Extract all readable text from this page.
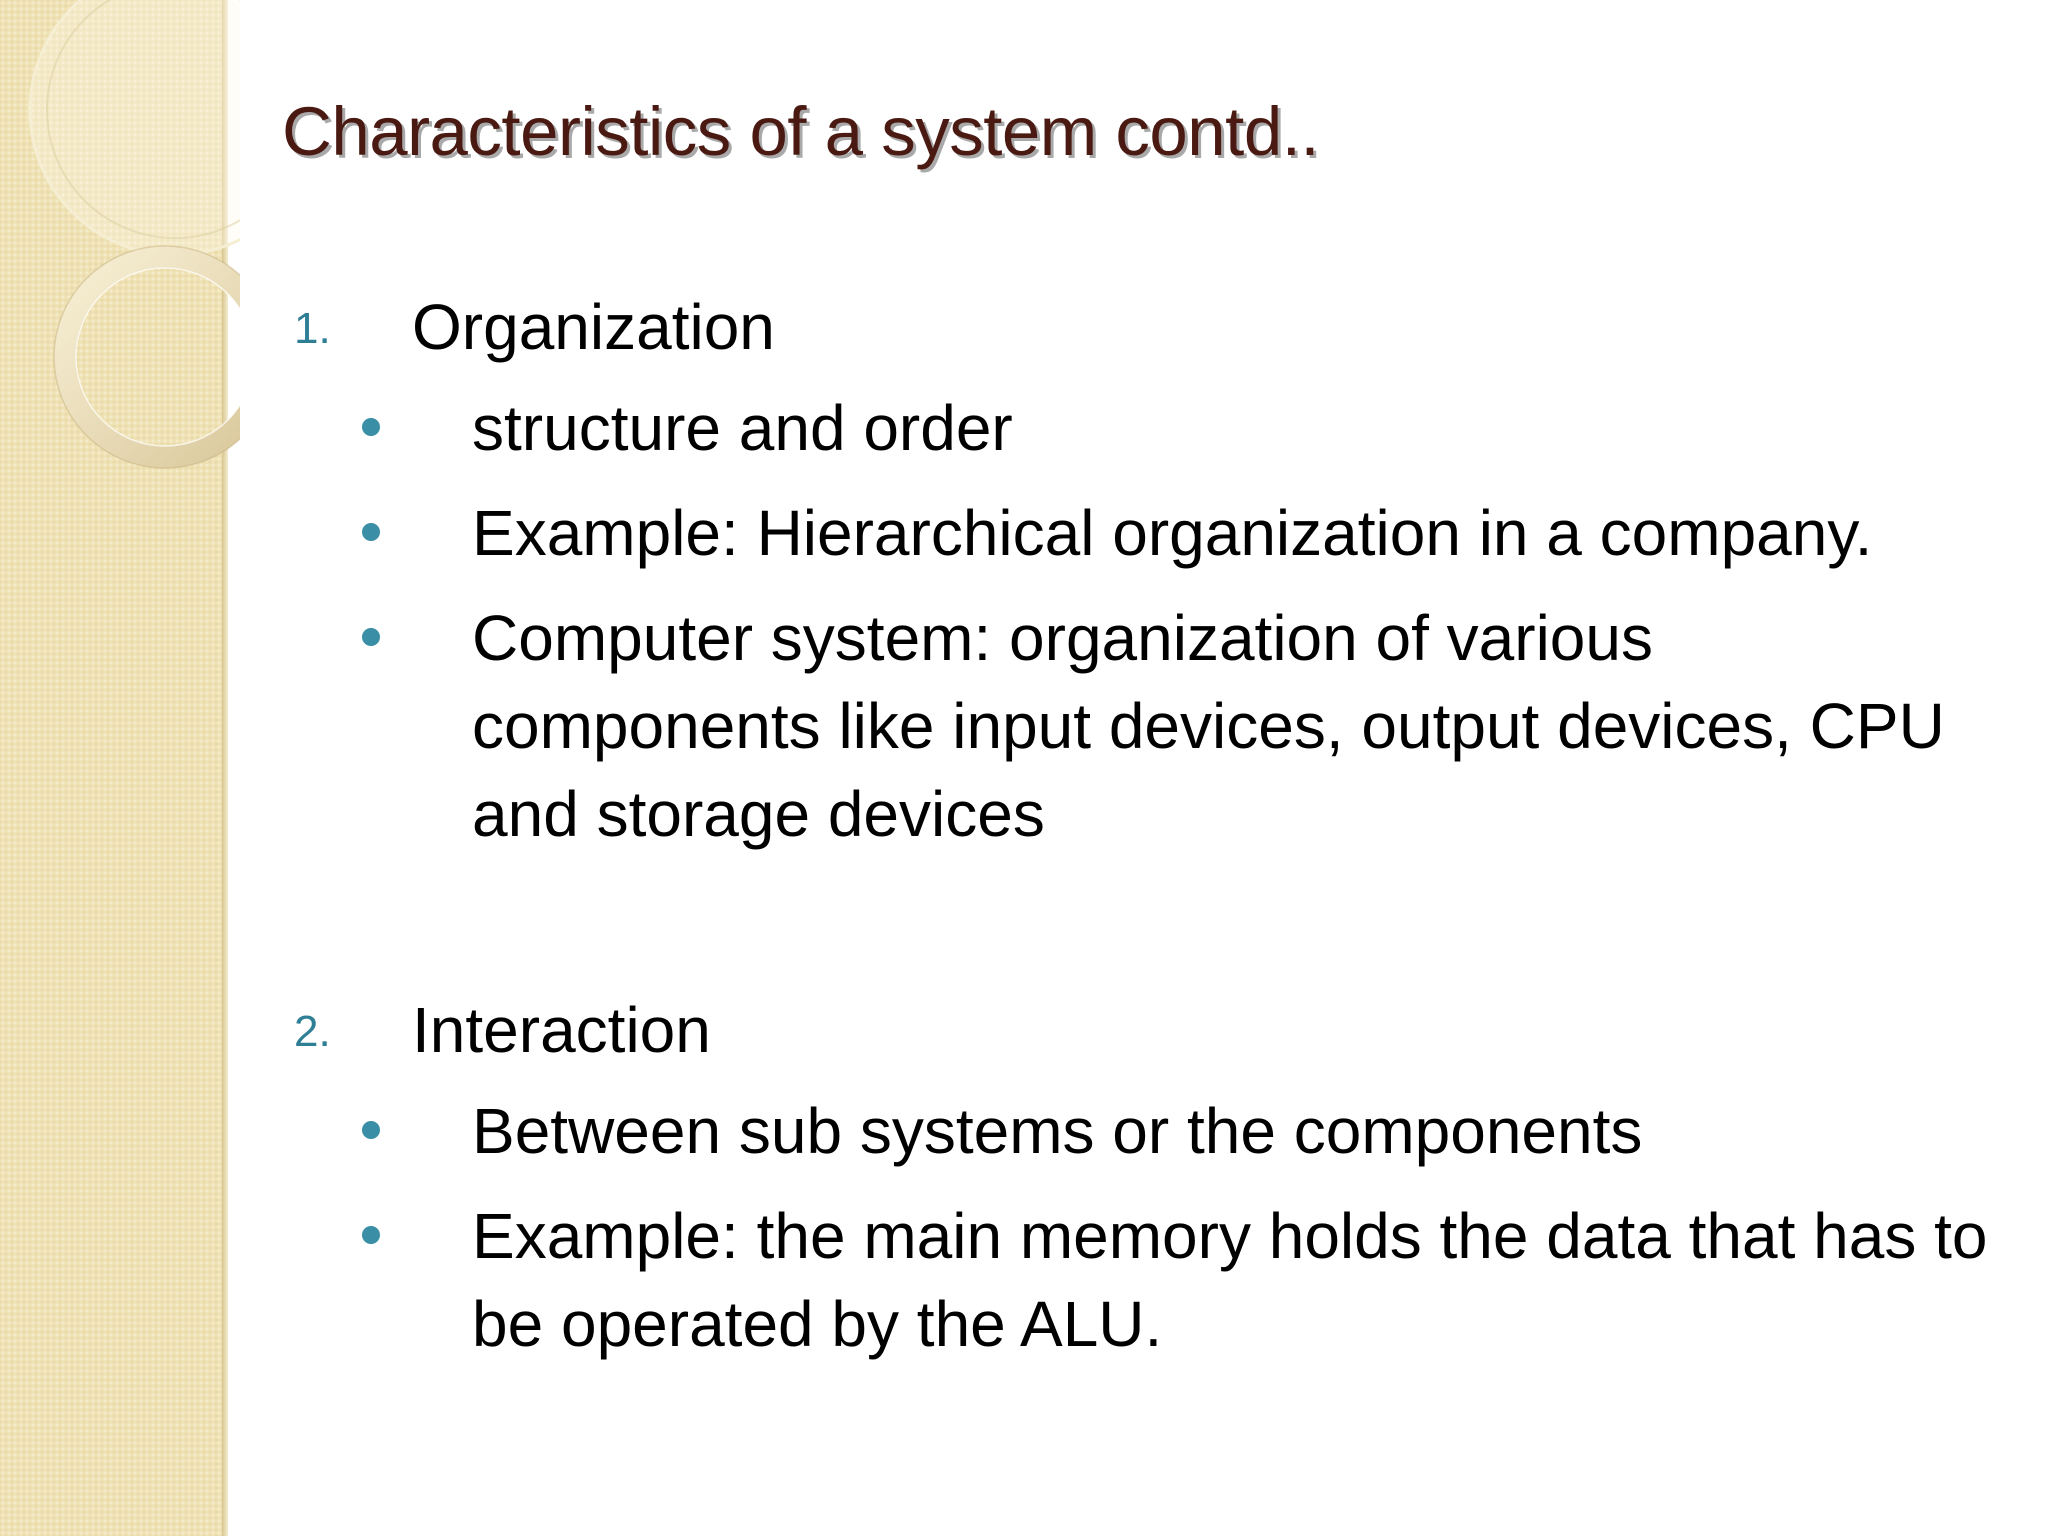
Characteristics of a system contd..
1. Organization
structure and order
Example: Hierarchical organization in a company.
Computer system: organization of various components like input devices, output devices, CPU and storage devices
2. Interaction
Between sub systems or the components
Example: the main memory holds the data that has to be operated by the ALU.
